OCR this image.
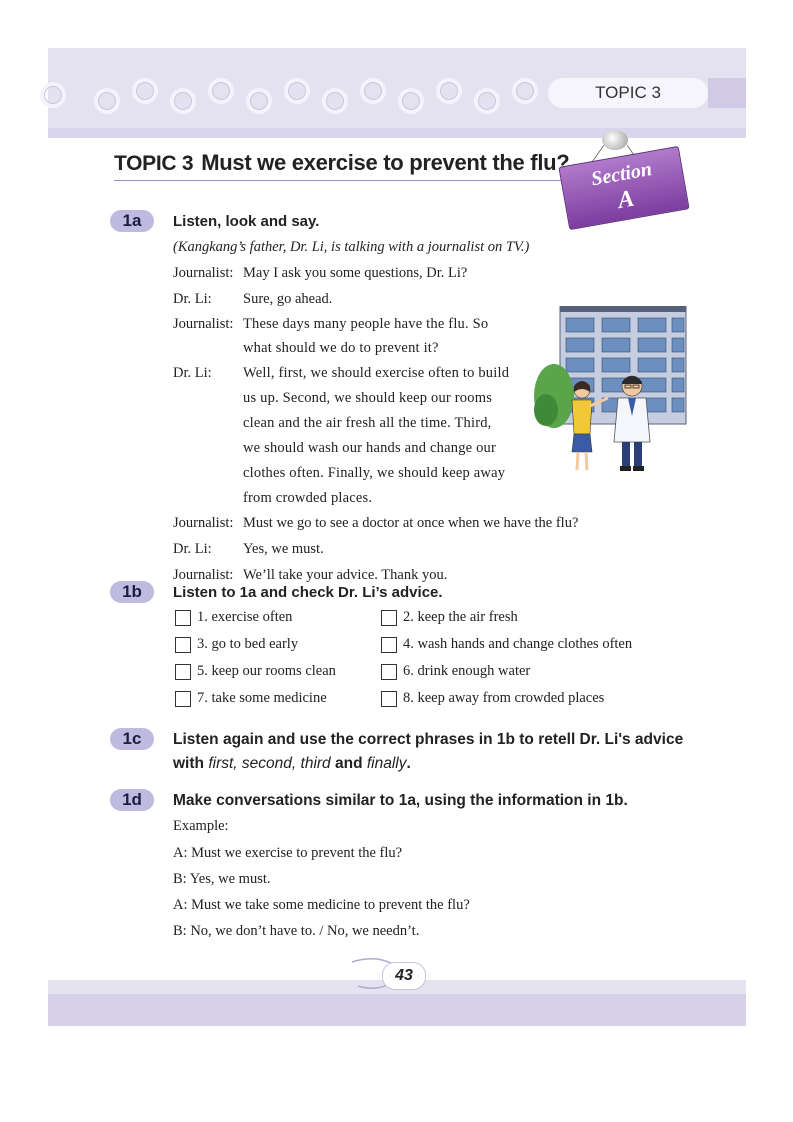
TOPIC 3
TOPIC 3 Must we exercise to prevent the flu?	Section
A
1a	Listen, look and say.
(Kangkang’s father, Dr. Li, is talking with a journalist on TV.)
Journalist: May I ask you some questions, Dr. Li?
Dr. Li: Sure, go ahead.
Journalist: These days many people have the flu. So
what should we do to prevent it?
Dr. Li: Well, first, we should exercise often to build
us up. Second, we should keep our rooms
clean and the air fresh all the time. Third,
we should wash our hands and change our
clothes often. Finally, we should keep away
from crowded places.
Journalist: Must we go to see a doctor at once when we have the flu?
Dr. Li: Yes, we must.
Journalist: We’ll take your advice. Thank you.
1b	Listen to 1a and check Dr. Li’s advice.
1. exercise often	2. keep the air fresh
3. go to bed early	4. wash hands and change clothes often
5. keep our rooms clean	6. drink enough water
7. take some medicine	8. keep away from crowded places
1c	Listen again and use the correct phrases in 1b to retell Dr. Li's advice
with first, second, third and finally.
1d	Make conversations similar to 1a, using the information in 1b.
Example:
A: Must we exercise to prevent the flu?
B: Yes, we must.
A: Must we take some medicine to prevent the flu?
B: No, we don’t have to. / No, we needn’t.
43
